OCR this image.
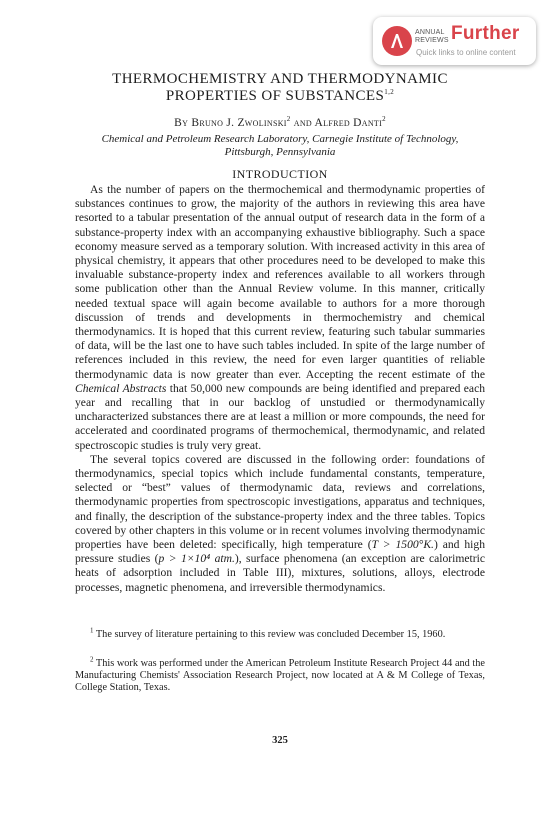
ANNUAL REVIEWS Further
Quick links to online content
THERMOCHEMISTRY AND THERMODYNAMIC
PROPERTIES OF SUBSTANCES$^{1,2}$
By Bruno J. Zwolinski$^2$ and Alfred Danti$^2$
Chemical and Petroleum Research Laboratory, Carnegie Institute of Technology,
Pittsburgh, Pennsylvania
INTRODUCTION

As the number of papers on the thermochemical and thermodynamic properties of substances continues to grow, the majority of the authors in reviewing this area have resorted to a tabular presentation of the annual output of research data in the form of a substance-property index with an accompanying exhaustive bibliography. Such a space economy measure served as a temporary solution. With increased activity in this area of physical chemistry, it appears that other procedures need to be developed to make this invaluable substance-property index and references available to all workers through some publication other than the Annual Review volume. In this manner, critically needed textual space will again become available to authors for a more thorough discussion of trends and developments in thermochemistry and chemical thermodynamics. It is hoped that this current review, featuring such tabular summaries of data, will be the last one to have such tables included. In spite of the large number of references included in this review, the need for even larger quantities of reliable thermodynamic data is now greater than ever. Accepting the recent estimate of the Chemical Abstracts that 50,000 new compounds are being identified and prepared each year and recalling that in our backlog of unstudied or thermodynamically uncharacterized substances there are at least a million or more compounds, the need for accelerated and coordinated programs of thermochemical, thermodynamic, and related spectroscopic studies is truly very great.

The several topics covered are discussed in the following order: foundations of thermodynamics, special topics which include fundamental constants, temperature, selected or “best” values of thermodynamic data, reviews and correlations, thermodynamic properties from spectroscopic investigations, apparatus and techniques, and finally, the description of the substance-property index and the three tables. Topics covered by other chapters in this volume or in recent volumes involving thermodynamic properties have been deleted: specifically, high temperature (T > 1500°K.) and high pressure studies (p > 1×10⁴ atm.), surface phenomena (an exception are calorimetric heats of adsorption included in Table III), mixtures, solutions, alloys, electrode processes, magnetic phenomena, and irreversible thermodynamics.

$^1$ The survey of literature pertaining to this review was concluded December 15, 1960.

$^2$ This work was performed under the American Petroleum Institute Research Project 44 and the Manufacturing Chemists' Association Research Project, now located at A & M College of Texas, College Station, Texas.

325
